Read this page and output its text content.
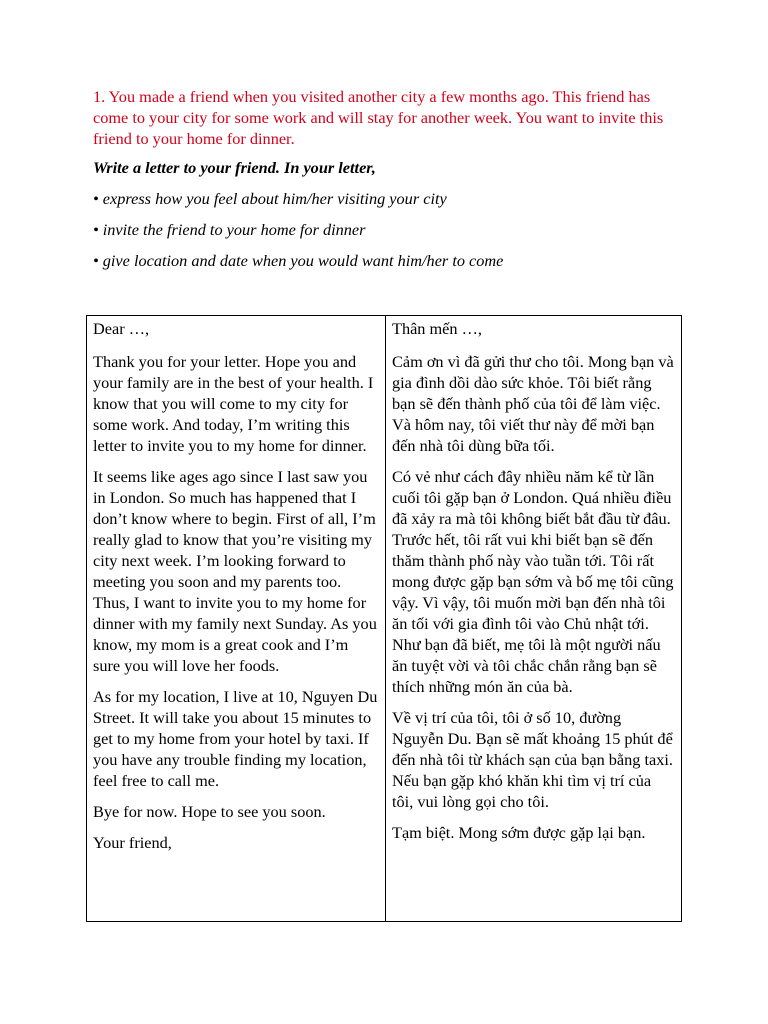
1. You made a friend when you visited another city a few months ago. This friend has come to your city for some work and will stay for another week. You want to invite this friend to your home for dinner.

Write a letter to your friend. In your letter,

• express how you feel about him/her visiting your city

• invite the friend to your home for dinner

• give location and date when you would want him/her to come

Dear …,

Thank you for your letter. Hope you and your family are in the best of your health. I know that you will come to my city for some work. And today, I’m writing this letter to invite you to my home for dinner.

It seems like ages ago since I last saw you in London. So much has happened that I don’t know where to begin. First of all, I’m really glad to know that you’re visiting my city next week. I’m looking forward to meeting you soon and my parents too. Thus, I want to invite you to my home for dinner with my family next Sunday. As you know, my mom is a great cook and I’m sure you will love her foods.

As for my location, I live at 10, Nguyen Du Street. It will take you about 15 minutes to get to my home from your hotel by taxi. If you have any trouble finding my location, feel free to call me.

Bye for now. Hope to see you soon.

Your friend,

Thân mến …,

Cảm ơn vì đã gửi thư cho tôi. Mong bạn và gia đình dồi dào sức khỏe. Tôi biết rằng bạn sẽ đến thành phố của tôi để làm việc. Và hôm nay, tôi viết thư này để mời bạn đến nhà tôi dùng bữa tối.

Có vẻ như cách đây nhiều năm kể từ lần cuối tôi gặp bạn ở London. Quá nhiều điều đã xảy ra mà tôi không biết bắt đầu từ đâu. Trước hết, tôi rất vui khi biết bạn sẽ đến thăm thành phố này vào tuần tới. Tôi rất mong được gặp bạn sớm và bố mẹ tôi cũng vậy. Vì vậy, tôi muốn mời bạn đến nhà tôi ăn tối với gia đình tôi vào Chủ nhật tới. Như bạn đã biết, mẹ tôi là một người nấu ăn tuyệt vời và tôi chắc chắn rằng bạn sẽ thích những món ăn của bà.

Về vị trí của tôi, tôi ở số 10, đường Nguyễn Du. Bạn sẽ mất khoảng 15 phút để đến nhà tôi từ khách sạn của bạn bằng taxi. Nếu bạn gặp khó khăn khi tìm vị trí của tôi, vui lòng gọi cho tôi.

Tạm biệt. Mong sớm được gặp lại bạn.
